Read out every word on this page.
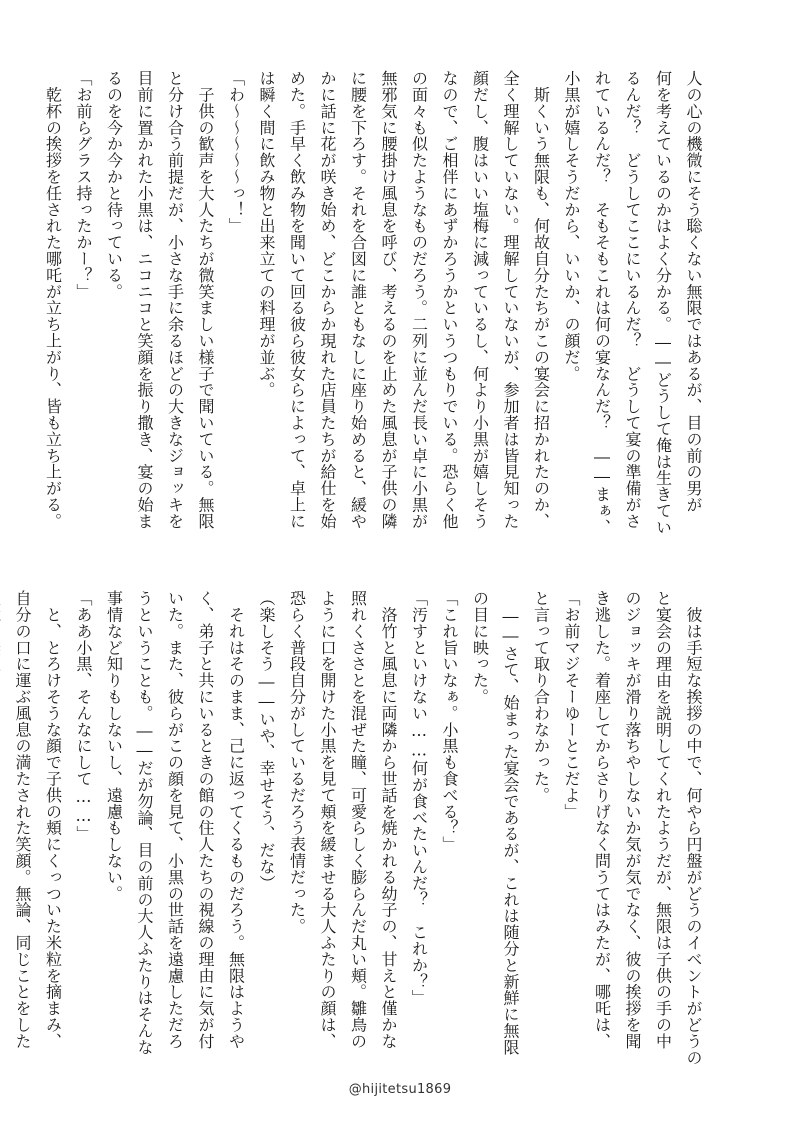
人の心の機微にそう聡くない無限ではあるが、目の前の男が
何を考えているのかはよく分かる。――どうして俺は生きてい
るんだ？　どうしてここにいるんだ？　どうして宴の準備がさ
れているんだ？　そもそもこれは何の宴なんだ？　――まぁ、
小黒が嬉しそうだから、いいか、の顔だ。
　斯くいう無限も、何故自分たちがこの宴会に招かれたのか、
全く理解していない。理解していないが、参加者は皆見知った
顔だし、腹はいい塩梅に減っているし、何より小黒が嬉しそう
なので、ご相伴にあずかろうかというつもりでいる。恐らく他
の面々も似たようなものだろう。二列に並んだ長い卓に小黒が
無邪気に腰掛け風息を呼び、考えるのを止めた風息が子供の隣
に腰を下ろす。それを合図に誰ともなしに座り始めると、緩や
かに話に花が咲き始め、どこからか現れた店員たちが給仕を始
めた。手早く飲み物を聞いて回る彼ら彼女らによって、卓上に
は瞬く間に飲み物と出来立ての料理が並ぶ。
「わ～～～～～っ！」
　子供の歓声を大人たちが微笑ましい様子で聞いている。無限
と分け合う前提だが、小さな手に余るほどの大きなジョッキを
目前に置かれた小黒は、ニコニコと笑顔を振り撒き、宴の始ま
るのを今か今かと待っている。
「お前らグラス持ったかー？」
　乾杯の挨拶を任された哪吒が立ち上がり、皆も立ち上がる。
　彼は手短な挨拶の中で、何やら円盤がどうのイベントがどうの
と宴会の理由を説明してくれたようだが、無限は子供の手の中
のジョッキが滑り落ちやしないか気が気でなく、彼の挨拶を聞
き逃した。着座してからさりげなく問うてはみたが、哪吒は、
「お前マジそーゆーとこだよ」
と言って取り合わなかった。
　――さて、始まった宴会であるが、これは随分と新鮮に無限
の目に映った。
「これ旨いなぁ。小黒も食べる？」
「汚すといけない……何が食べたいんだ？　これか？」
　洛竹と風息に両隣から世話を焼かれる幼子の、甘えと僅かな
照れくささとを混ぜた瞳、可愛らしく膨らんだ丸い頬。雛鳥の
ように口を開けた小黒を見て頬を緩ませる大人ふたりの顔は、
恐らく普段自分がしているだろう表情だった。
（楽しそう――いや、幸せそう、だな）
　それはそのまま、己に返ってくるものだろう。無限はようや
く、弟子と共にいるときの館の住人たちの視線の理由に気が付
いた。また、彼らがこの顔を見て、小黒の世話を遠慮しただろ
うということも。――だが勿論、目の前の大人ふたりはそんな
事情など知りもしないし、遠慮もしない。
「ああ小黒、そんなにして……」
　と、とろけそうな顔で子供の頬にくっついた米粒を摘まみ、
自分の口に運ぶ風息の満たされた笑顔。無論、同じことをした
@hijitetsu1869
